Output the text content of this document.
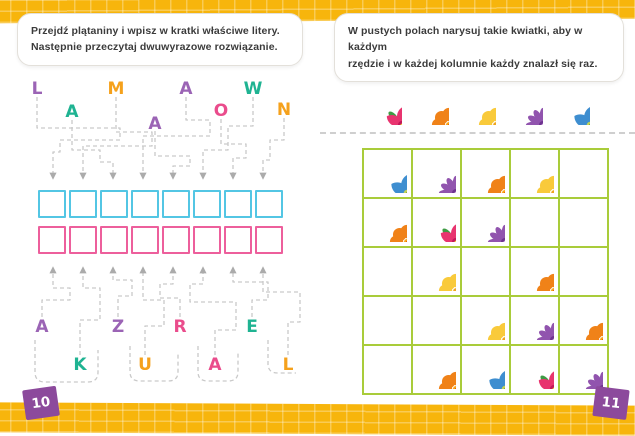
Przejdź plątaniny i wpisz w kratki właściwe litery.
Następnie przeczytaj dwuwyrazowe rozwiązanie.
L
A
M
A
A
O
W
N
A	Z	R	E
K	U	A	L
W pustych polach narysuj takie kwiatki, aby w każdym
rzędzie i w każdej kolumnie każdy znalazł się raz.
10	11
